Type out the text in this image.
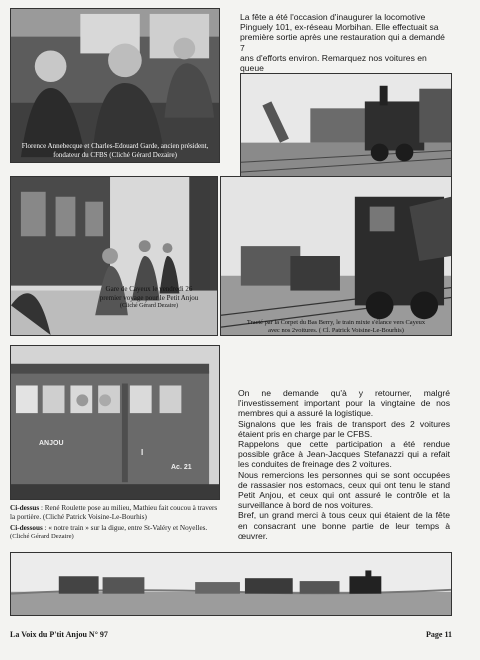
Florence Annebecque et Charles-Edouard Garde, ancien président,
fondateur du CFBS (Cliché Gérard Dezaire)
La fête a été l'occasion d'inaugurer la locomotive
Pinguely 101, ex-réseau Morbihan. Elle effectuait sa
première sortie après une restauration qui a demandé 7
ans d'efforts environ. Remarquez nos voitures en queue
Gare de Cayeux le vendredi 26
premier voyage pour le Petit Anjou
(Cliché Gérard Dezaire)
Tracté par la Corpet du Bas Berry, le train mixte s'élance vers Cayeux
avec nos 2voitures. ( Cl. Patrick Voisine-Le-Bourhis)
ANJOU
I
Ac. 21
Ci-dessus : René Roulette pose au milieu, Mathieu fait coucou à travers la portière. (Cliché Patrick Voisine-Le-Bourhis)
Ci-dessous : « notre train » sur la digue, entre St-Valéry et Noyelles.
(Cliché Gérard Dezaire)

On ne demande qu'à y retourner, malgré l'investissement important pour la vingtaine de nos membres qui a assuré la logistique.

Signalons que les frais de transport des 2 voitures étaient pris en charge par le CFBS.

Rappelons que cette participation a été rendue possible grâce à Jean-Jacques Stefanazzi qui a refait les conduites de freinage des 2 voitures.

Nous remercions les personnes qui se sont occupées de rassasier nos estomacs, ceux qui ont tenu le stand Petit Anjou, et ceux qui ont assuré le contrôle et la surveillance à bord de nos voitures.

Bref, un grand merci à tous ceux qui étaient de la fête en consacrant une bonne partie de leur temps à œuvrer.

La Voix du P'tit Anjou N° 97	Page 11
